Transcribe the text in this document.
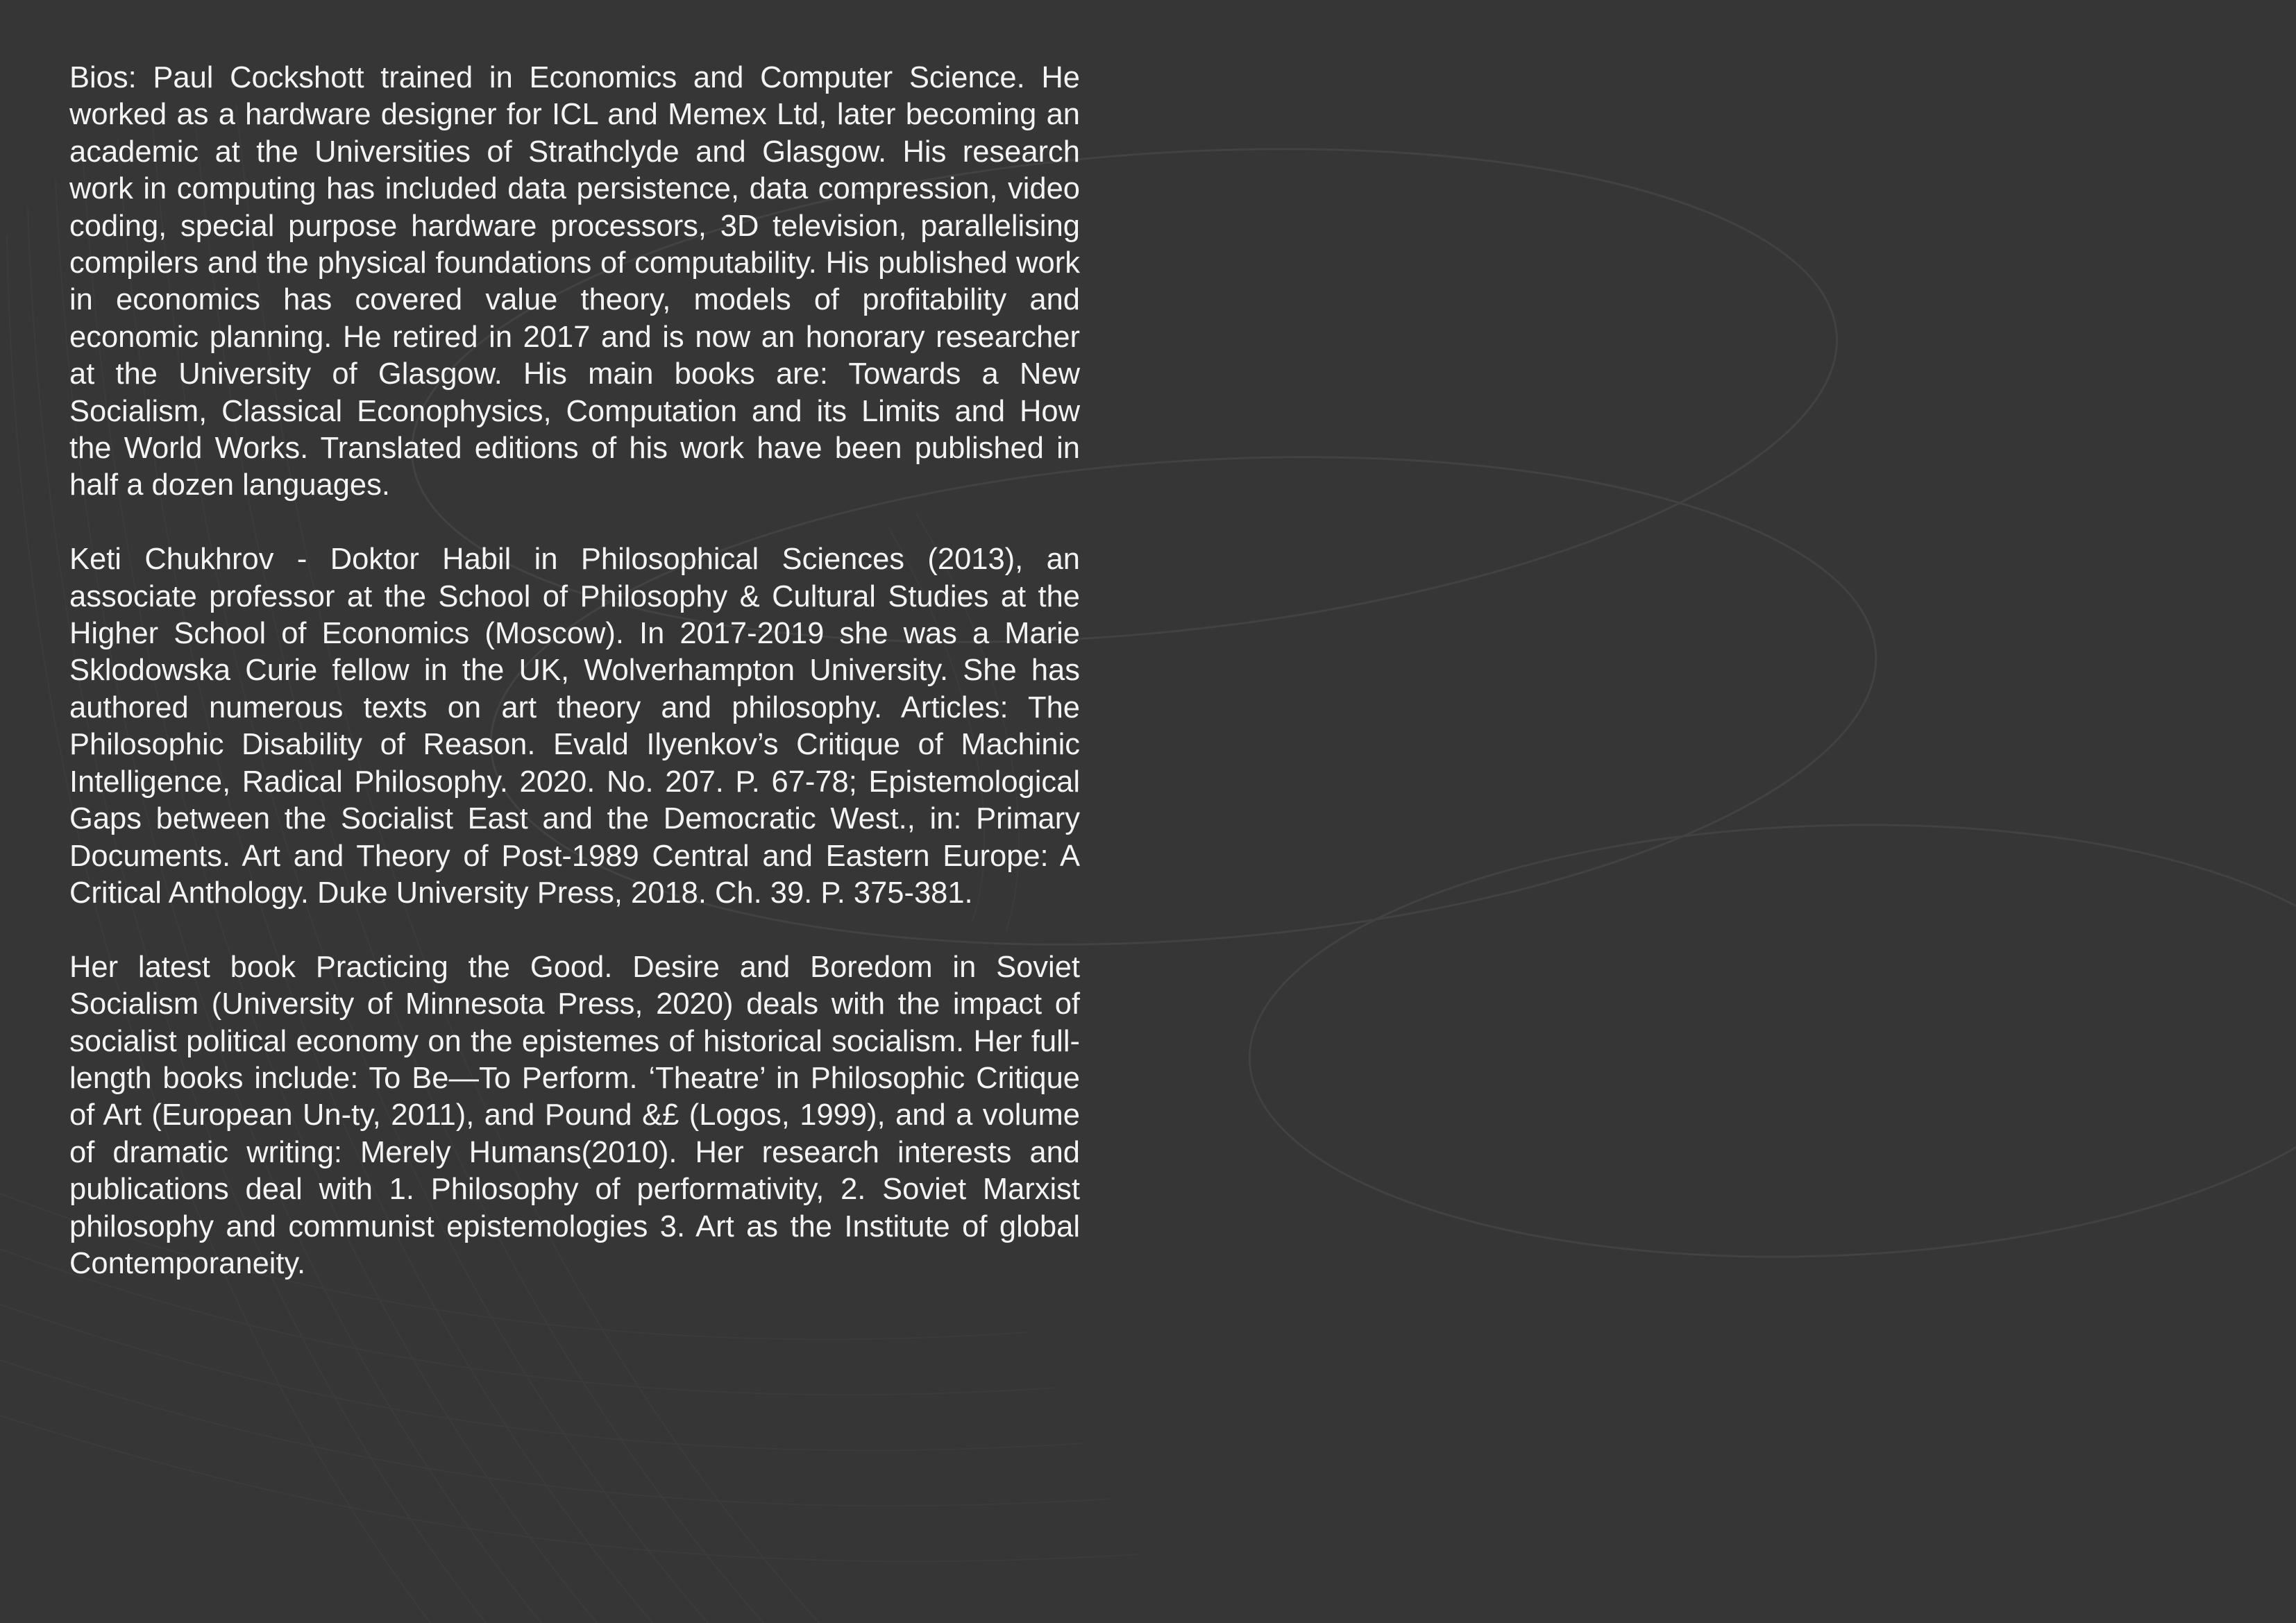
Bios: Paul Cockshott trained in Economics and Computer Science. He worked as a hardware designer for ICL and Memex Ltd, later becoming an academic at the Universities of Strathclyde and Glasgow. His research work in computing has included data persistence, data compression, video coding, special purpose hardware processors, 3D television, parallelising compilers and the physical foundations of computability. His published work in economics has covered value theory, models of profitability and economic planning. He retired in 2017 and is now an honorary researcher at the University of Glasgow. His main books are: Towards a New Socialism, Classical Econophysics, Computation and its Limits and How the World Works. Translated editions of his work have been published in half a dozen languages.

Keti Chukhrov - Doktor Habil in Philosophical Sciences (2013), an associate professor at the School of Philosophy & Cultural Studies at the Higher School of Economics (Moscow). In 2017-2019 she was a Marie Sklodowska Curie fellow in the UK, Wolverhampton University. She has authored numerous texts on art theory and philosophy. Articles: The Philosophic Disability of Reason. Evald Ilyenkov’s Critique of Machinic Intelligence, Radical Philosophy. 2020. No. 207. P. 67-78; Epistemological Gaps between the Socialist East and the Democratic West., in: Primary Documents. Art and Theory of Post-1989 Central and Eastern Europe: A Critical Anthology. Duke University Press, 2018. Ch. 39. P. 375-381.

Her latest book Practicing the Good. Desire and Boredom in Soviet Socialism (University of Minnesota Press, 2020) deals with the impact of socialist political economy on the epistemes of historical socialism. Her full-length books include: To Be—To Perform. ‘Theatre’ in Philosophic Critique of Art (European Un-ty, 2011), and Pound &£ (Logos, 1999), and a volume of dramatic writing: Merely Humans(2010). Her research interests and publications deal with 1. Philosophy of performativity, 2. Soviet Marxist philosophy and communist epistemologies 3. Art as the Institute of global Contemporaneity.
